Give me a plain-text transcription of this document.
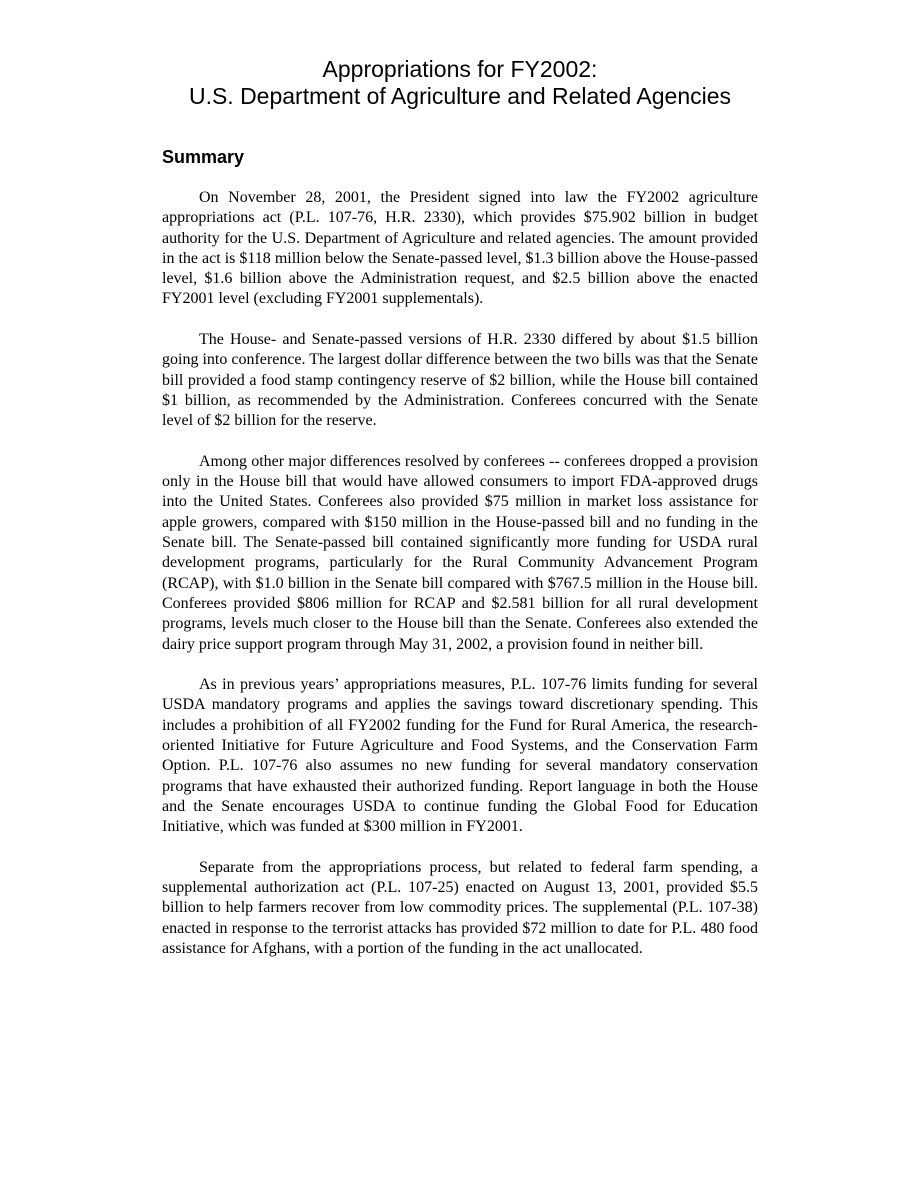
Appropriations for FY2002:
U.S. Department of Agriculture and Related Agencies
Summary

On November 28, 2001, the President signed into law the FY2002 agriculture appropriations act (P.L. 107-76, H.R. 2330), which provides $75.902 billion in budget authority for the U.S. Department of Agriculture and related agencies. The amount provided in the act is $118 million below the Senate-passed level, $1.3 billion above the House-passed level, $1.6 billion above the Administration request, and $2.5 billion above the enacted FY2001 level (excluding FY2001 supplementals).

The House- and Senate-passed versions of H.R. 2330 differed by about $1.5 billion going into conference. The largest dollar difference between the two bills was that the Senate bill provided a food stamp contingency reserve of $2 billion, while the House bill contained $1 billion, as recommended by the Administration. Conferees concurred with the Senate level of $2 billion for the reserve.

Among other major differences resolved by conferees -- conferees dropped a provision only in the House bill that would have allowed consumers to import FDA-approved drugs into the United States. Conferees also provided $75 million in market loss assistance for apple growers, compared with $150 million in the House-passed bill and no funding in the Senate bill. The Senate-passed bill contained significantly more funding for USDA rural development programs, particularly for the Rural Community Advancement Program (RCAP), with $1.0 billion in the Senate bill compared with $767.5 million in the House bill. Conferees provided $806 million for RCAP and $2.581 billion for all rural development programs, levels much closer to the House bill than the Senate. Conferees also extended the dairy price support program through May 31, 2002, a provision found in neither bill.

As in previous years’ appropriations measures, P.L. 107-76 limits funding for several USDA mandatory programs and applies the savings toward discretionary spending. This includes a prohibition of all FY2002 funding for the Fund for Rural America, the research-oriented Initiative for Future Agriculture and Food Systems, and the Conservation Farm Option. P.L. 107-76 also assumes no new funding for several mandatory conservation programs that have exhausted their authorized funding. Report language in both the House and the Senate encourages USDA to continue funding the Global Food for Education Initiative, which was funded at $300 million in FY2001.

Separate from the appropriations process, but related to federal farm spending, a supplemental authorization act (P.L. 107-25) enacted on August 13, 2001, provided $5.5 billion to help farmers recover from low commodity prices. The supplemental (P.L. 107-38) enacted in response to the terrorist attacks has provided $72 million to date for P.L. 480 food assistance for Afghans, with a portion of the funding in the act unallocated.
